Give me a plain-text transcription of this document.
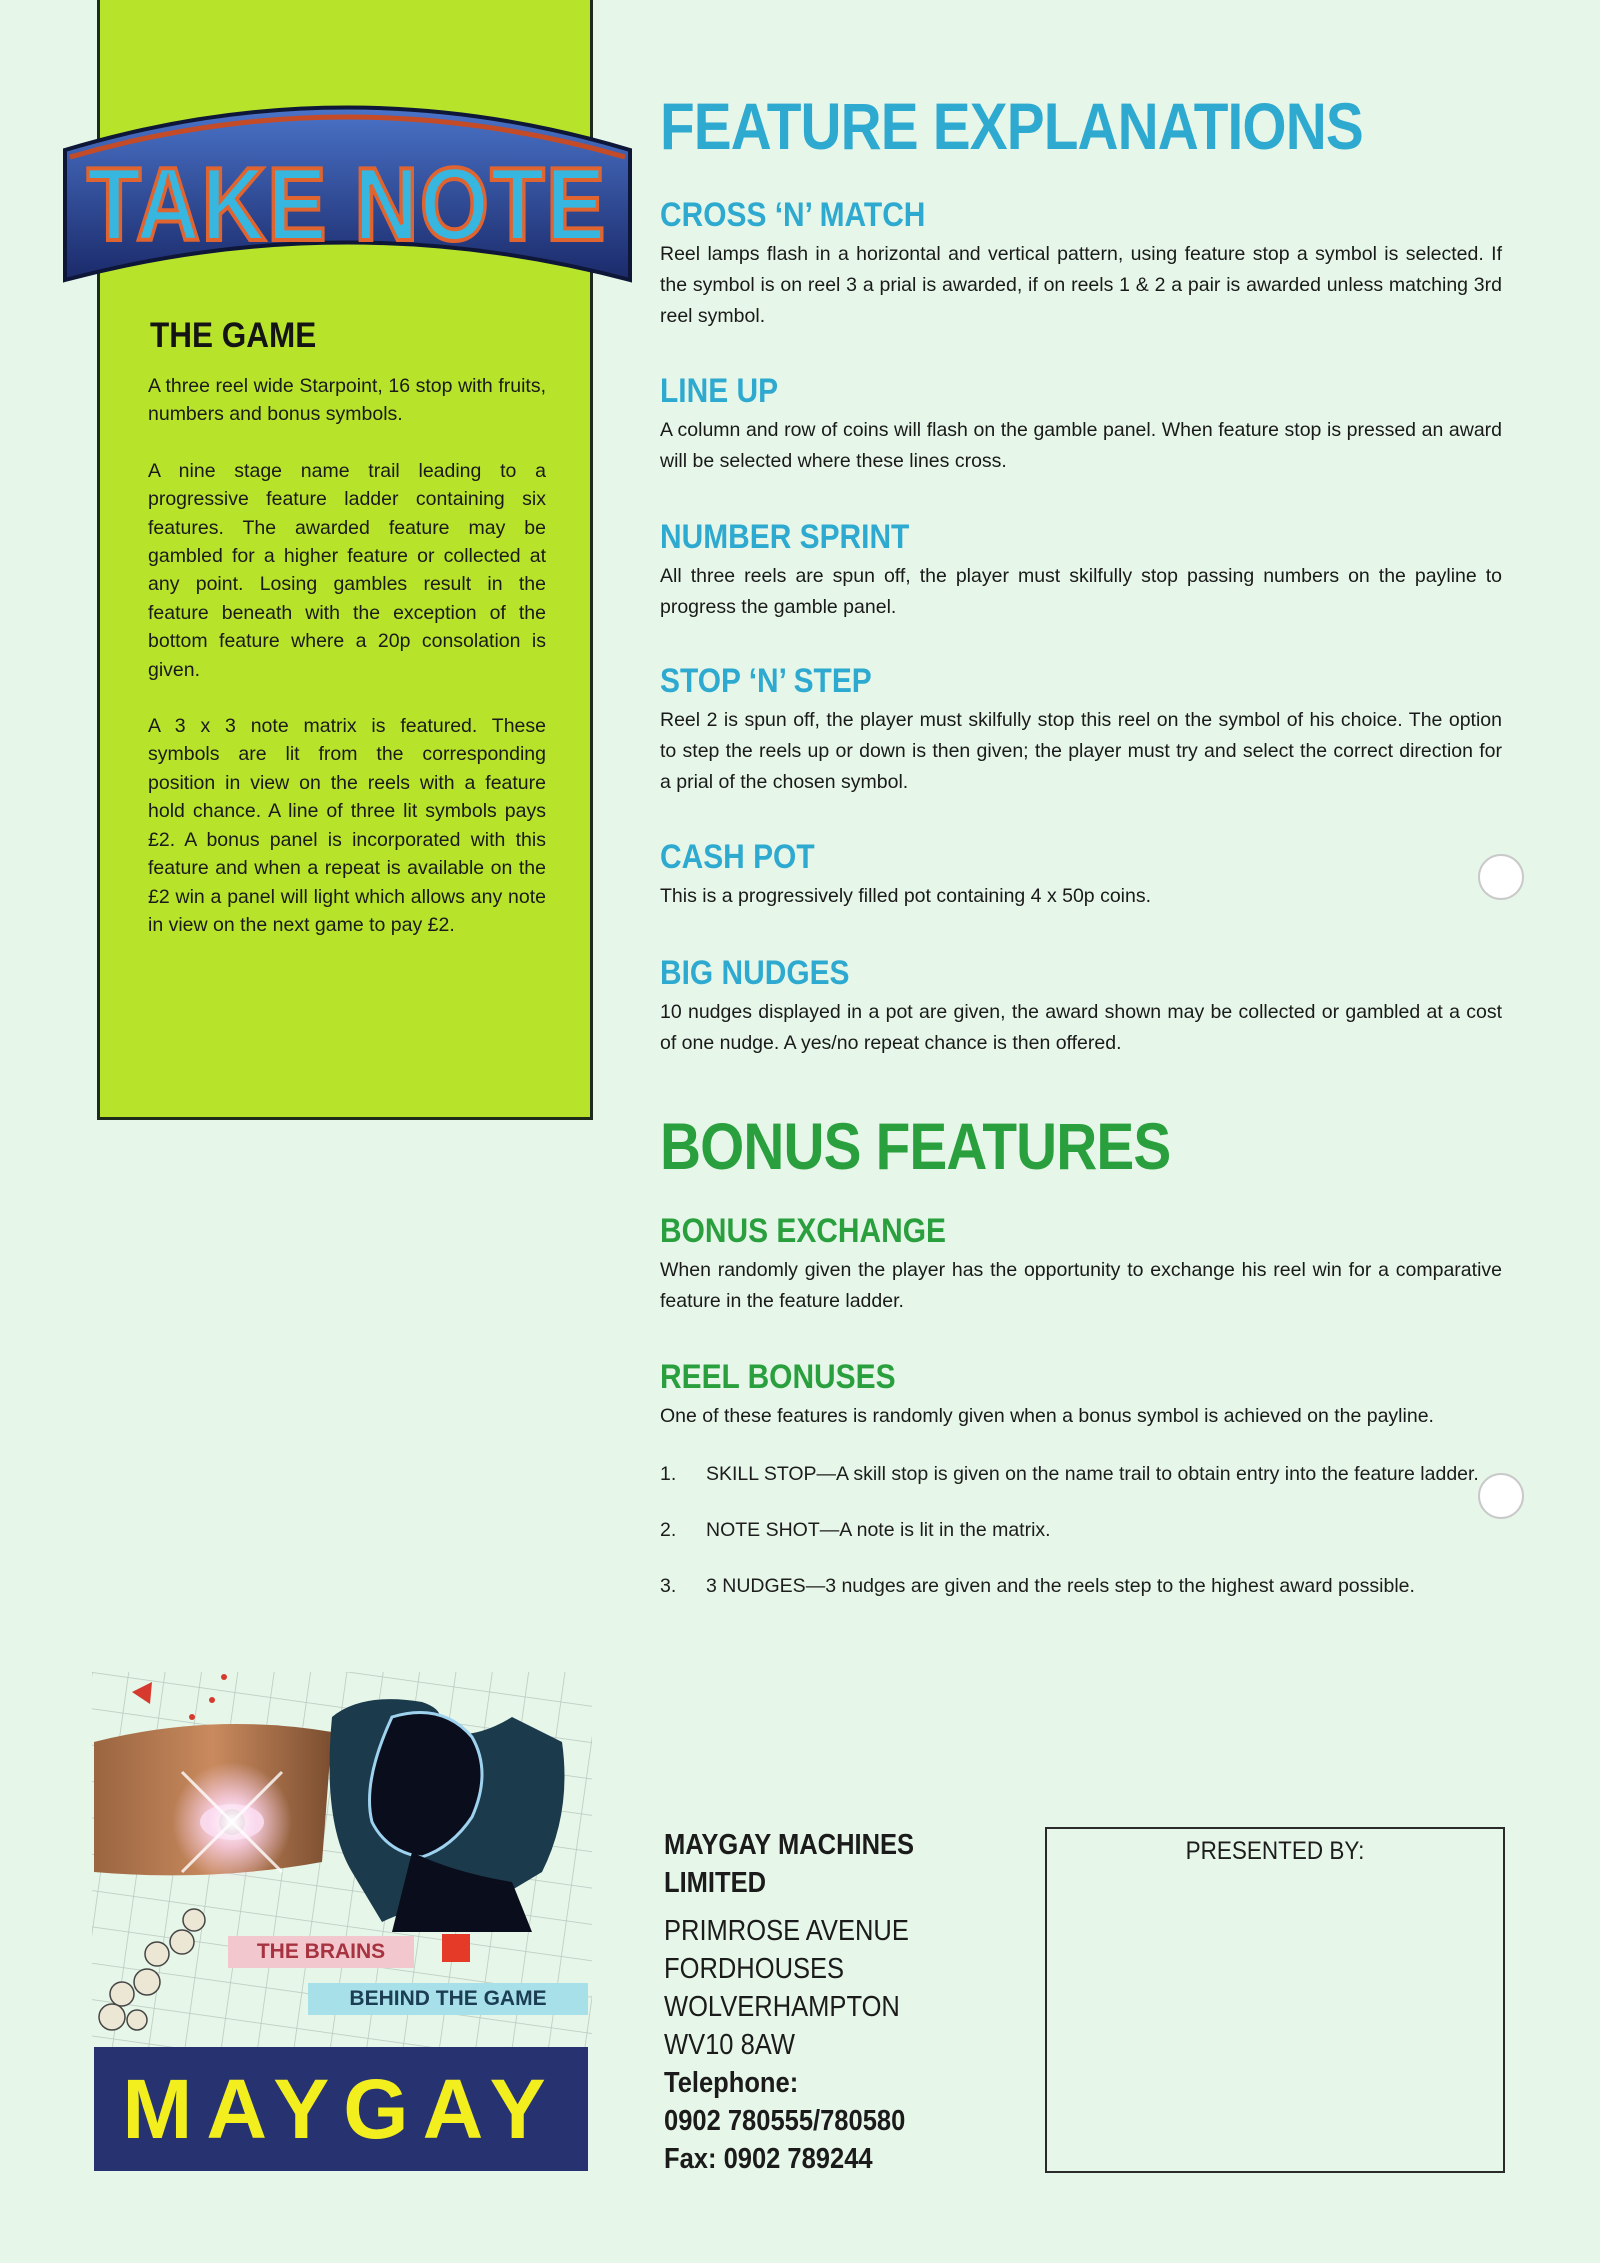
TAKE NOTE
THE GAME

A three reel wide Starpoint, 16 stop with fruits, numbers and bonus symbols.

A nine stage name trail leading to a progressive feature ladder containing six features. The awarded feature may be gambled for a higher feature or collected at any point. Losing gambles result in the feature beneath with the exception of the bottom feature where a 20p consolation is given.

A 3 x 3 note matrix is featured. These symbols are lit from the corresponding position in view on the reels with a feature hold chance. A line of three lit symbols pays £2. A bonus panel is incorporated with this feature and when a repeat is available on the £2 win a panel will light which allows any note in view on the next game to pay £2.

FEATURE EXPLANATIONS
CROSS ‘N’ MATCH

Reel lamps flash in a horizontal and vertical pattern, using feature stop a symbol is selected. If the symbol is on reel 3 a prial is awarded, if on reels 1 & 2 a pair is awarded unless matching 3rd reel symbol.

LINE UP

A column and row of coins will flash on the gamble panel. When feature stop is pressed an award will be selected where these lines cross.

NUMBER SPRINT

All three reels are spun off, the player must skilfully stop passing numbers on the payline to progress the gamble panel.

STOP ‘N’ STEP

Reel 2 is spun off, the player must skilfully stop this reel on the symbol of his choice. The option to step the reels up or down is then given; the player must try and select the correct direction for a prial of the chosen symbol.

CASH POT

This is a progressively filled pot containing 4 x 50p coins.

BIG NUDGES

10 nudges displayed in a pot are given, the award shown may be collected or gambled at a cost of one nudge. A yes/no repeat chance is then offered.

BONUS FEATURES
BONUS EXCHANGE

When randomly given the player has the opportunity to exchange his reel win for a comparative feature in the feature ladder.

REEL BONUSES

One of these features is randomly given when a bonus symbol is achieved on the payline.

1.	SKILL STOP—A skill stop is given on the name trail to obtain entry into the feature ladder.
2.	NOTE SHOT—A note is lit in the matrix.
3.	3 NUDGES—3 nudges are given and the reels step to the highest award possible.
THE BRAINS
BEHIND THE GAME
MAYGAY
MAYGAY MACHINES
LIMITED
PRIMROSE AVENUE
FORDHOUSES
WOLVERHAMPTON
WV10 8AW
Telephone:
0902 780555/780580
Fax: 0902 789244
PRESENTED BY:
